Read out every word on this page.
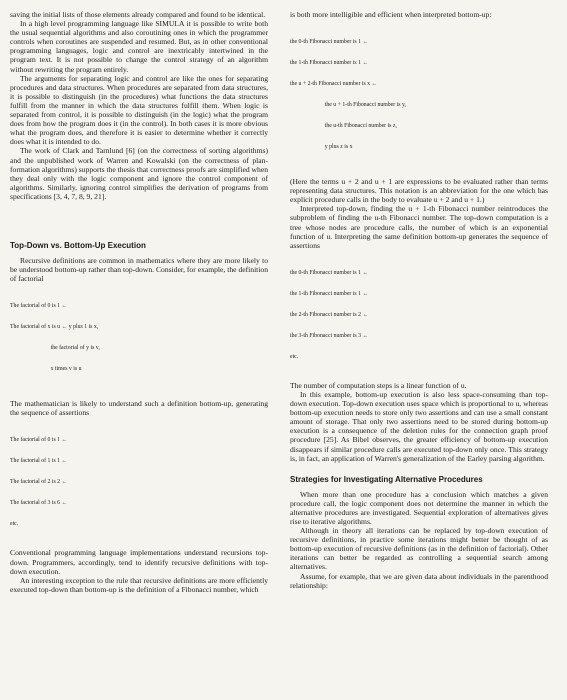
saving the initial lists of those elements already compared and found to be identical.

In a high level programming language like SIMULA it is possible to write both the usual sequential algorithms and also coroutining ones in which the programmer controls when coroutines are suspended and resumed. But, as in other conventional programming languages, logic and control are inextricably intertwined in the program text. It is not possible to change the control strategy of an algorithm without rewriting the program entirely.

The arguments for separating logic and control are like the ones for separating procedures and data structures. When procedures are separated from data structures, it is possible to distinguish (in the procedures) what functions the data structures fulfill from the manner in which the data structures fulfill them. When logic is separated from control, it is possible to distinguish (in the logic) what the program does from how the program does it (in the control). In both cases it is more obvious what the program does, and therefore it is easier to determine whether it correctly does what it is intended to do.

The work of Clark and Tarnlund [6] (on the correctness of sorting algorithms) and the unpublished work of Warren and Kowalski (on the correctness of plan-formation algorithms) supports the thesis that correctness proofs are simplified when they deal only with the logic component and ignore the control component of algorithms. Similarly, ignoring control simplifies the derivation of programs from specifications [3, 4, 7, 8, 9, 21].

Top-Down vs. Bottom-Up Execution

Recursive definitions are common in mathematics where they are more likely to be understood bottom-up rather than top-down. Consider, for example, the definition of factorial

The factorial of 0 is 1 ←

The factorial of x is u ← y plus 1 is x,

the factorial of y is v,

x times v is u

The mathematician is likely to understand such a definition bottom-up, generating the sequence of assertions

The factorial of 0 is 1 ←

The factorial of 1 is 1 ←

The factorial of 2 is 2 ←

The factorial of 3 is 6 ←

etc.

Conventional programming language implementations understand recursions top-down. Programmers, accordingly, tend to identify recursive definitions with top-down execution.

An interesting exception to the rule that recursive definitions are more efficiently executed top-down than bottom-up is the definition of a Fibonacci number, which

is both more intelligible and efficient when interpreted bottom-up:

the 0-th Fibonacci number is 1 ←

the 1-th Fibonacci number is 1 ←

the u + 2-th Fibonacci number is x ←

the u + 1-th Fibonacci number is y,

the u-th Fibonacci number is z,

y plus z is x

(Here the terms u + 2 and u + 1 are expressions to be evaluated rather than terms representing data structures. This notation is an abbreviation for the one which has explicit procedure calls in the body to evaluate u + 2 and u + 1.)

Interpreted top-down, finding the u + 1-th Fibonacci number reintroduces the subproblem of finding the u-th Fibonacci number. The top-down computation is a tree whose nodes are procedure calls, the number of which is an exponential function of u. Interpreting the same definition bottom-up generates the sequence of assertions

the 0-th Fibonacci number is 1 ←

the 1-th Fibonacci number is 1 ←

the 2-th Fibonacci number is 2 ←

the 3-th Fibonacci number is 3 ←

etc.

The number of computation steps is a linear function of u.

In this example, bottom-up execution is also less space-consuming than top-down execution. Top-down execution uses space which is proportional to u, whereas bottom-up execution needs to store only two assertions and can use a small constant amount of storage. That only two assertions need to be stored during bottom-up execution is a consequence of the deletion rules for the connection graph proof procedure [25]. As Bibel observes, the greater efficiency of bottom-up execution disappears if similar procedure calls are executed top-down only once. This strategy is, in fact, an application of Warren's generalization of the Earley parsing algorithm.

Strategies for Investigating Alternative Procedures

When more than one procedure has a conclusion which matches a given procedure call, the logic component does not determine the manner in which the alternative procedures are investigated. Sequential exploration of alternatives gives rise to iterative algorithms.

Although in theory all iterations can be replaced by top-down execution of recursive definitions, in practice some iterations might better be thought of as bottom-up execution of recursive definitions (as in the definition of factorial). Other iterations can better be regarded as controlling a sequential search among alternatives.

Assume, for example, that we are given data about individuals in the parenthood relationship:
